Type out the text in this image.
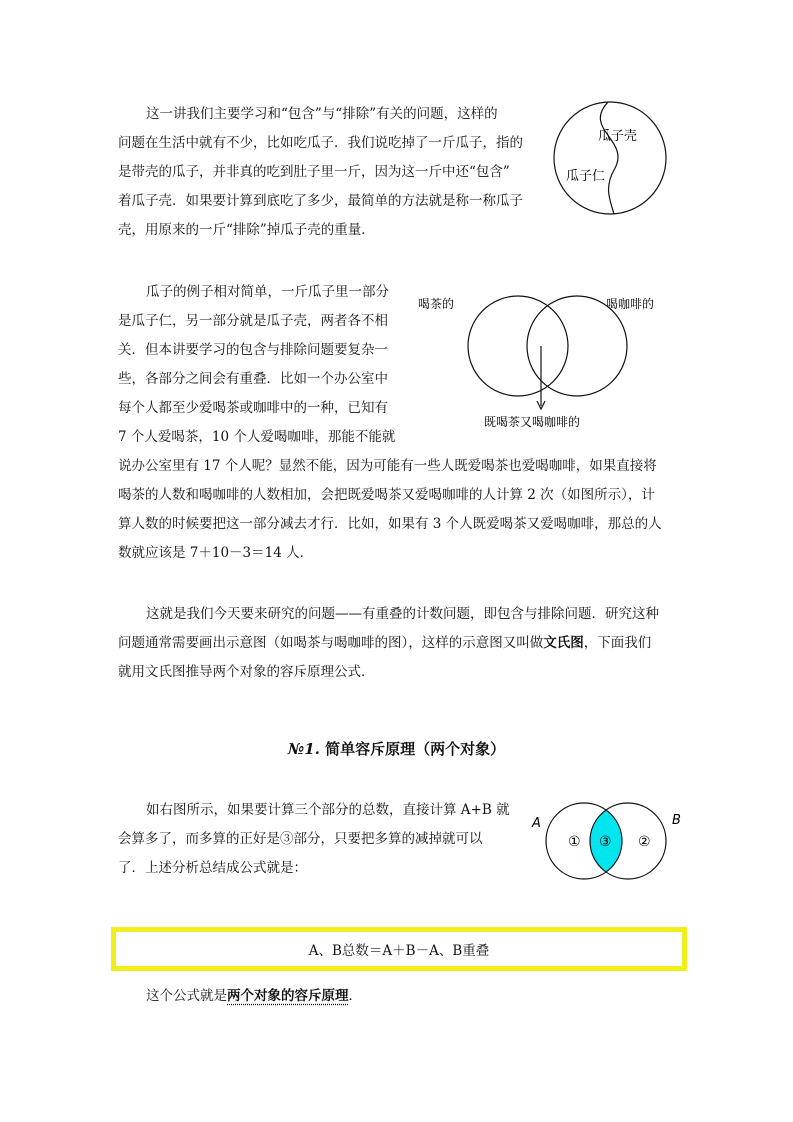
这一讲我们主要学习和“包含”与“排除”有关的问题，这样的
问题在生活中就有不少，比如吃瓜子．我们说吃掉了一斤瓜子，指的
是带壳的瓜子，并非真的吃到肚子里一斤，因为这一斤中还“包含”
着瓜子壳．如果要计算到底吃了多少，最简单的方法就是称一称瓜子
壳，用原来的一斤“排除”掉瓜子壳的重量．
瓜子壳
瓜子仁
瓜子的例子相对简单，一斤瓜子里一部分
是瓜子仁，另一部分就是瓜子壳，两者各不相
关．但本讲要学习的包含与排除问题要复杂一
些，各部分之间会有重叠．比如一个办公室中
每个人都至少爱喝茶或咖啡中的一种，已知有
7 个人爱喝茶，10 个人爱喝咖啡，那能不能就
说办公室里有 17 个人呢？显然不能，因为可能有一些人既爱喝茶也爱喝咖啡，如果直接将
喝茶的人数和喝咖啡的人数相加，会把既爱喝茶又爱喝咖啡的人计算 2 次（如图所示），计
算人数的时候要把这一部分减去才行．比如，如果有 3 个人既爱喝茶又爱喝咖啡，那总的人
数就应该是 7＋10－3＝14 人．
喝茶的	喝咖啡的
既喝茶又喝咖啡的
这就是我们今天要来研究的问题——有重叠的计数问题，即包含与排除问题．研究这种
问题通常需要画出示意图（如喝茶与喝咖啡的图），这样的示意图又叫做文氏图，下面我们
就用文氏图推导两个对象的容斥原理公式．
№1. 简单容斥原理（两个对象）
如右图所示，如果要计算三个部分的总数，直接计算 A+B 就
会算多了，而多算的正好是③部分，只要把多算的减掉就可以
了．上述分析总结成公式就是：
A	B
① ③ ②
A、B总数＝A＋B－A、B重叠
这个公式就是两个对象的容斥原理．
